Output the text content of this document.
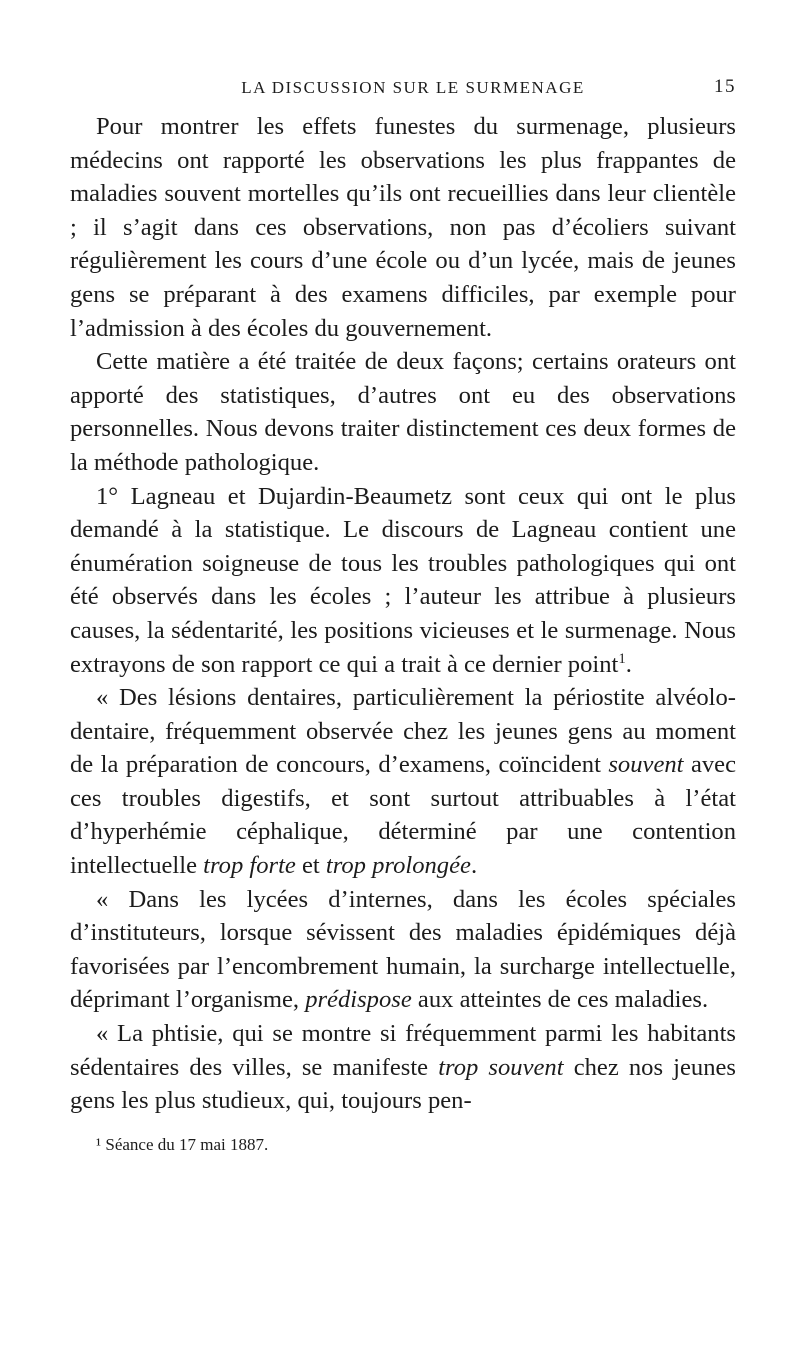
LA DISCUSSION SUR LE SURMENAGE	15

Pour montrer les effets funestes du surmenage, plusieurs médecins ont rapporté les observations les plus frappantes de maladies souvent mortelles qu’ils ont recueillies dans leur clientèle ; il s’agit dans ces observations, non pas d’écoliers suivant régulièrement les cours d’une école ou d’un lycée, mais de jeunes gens se préparant à des examens difficiles, par exemple pour l’admission à des écoles du gouvernement.

Cette matière a été traitée de deux façons; certains orateurs ont apporté des statistiques, d’autres ont eu des observations personnelles. Nous devons traiter distinctement ces deux formes de la méthode pathologique.

1° Lagneau et Dujardin-Beaumetz sont ceux qui ont le plus demandé à la statistique. Le discours de Lagneau contient une énumération soigneuse de tous les troubles pathologiques qui ont été observés dans les écoles ; l’auteur les attribue à plusieurs causes, la sédentarité, les positions vicieuses et le surmenage. Nous extrayons de son rapport ce qui a trait à ce dernier point$^1$.

« Des lésions dentaires, particulièrement la périostite alvéolo-dentaire, fréquemment observée chez les jeunes gens au moment de la préparation de concours, d’examens, coïncident souvent avec ces troubles digestifs, et sont surtout attribuables à l’état d’hyperhémie céphalique, déterminé par une contention intellectuelle trop forte et trop prolongée.

« Dans les lycées d’internes, dans les écoles spéciales d’instituteurs, lorsque sévissent des maladies épidémiques déjà favorisées par l’encombrement humain, la surcharge intellectuelle, déprimant l’organisme, prédispose aux atteintes de ces maladies.

« La phtisie, qui se montre si fréquemment parmi les habitants sédentaires des villes, se manifeste trop souvent chez nos jeunes gens les plus studieux, qui, toujours pen-

¹ Séance du 17 mai 1887.
